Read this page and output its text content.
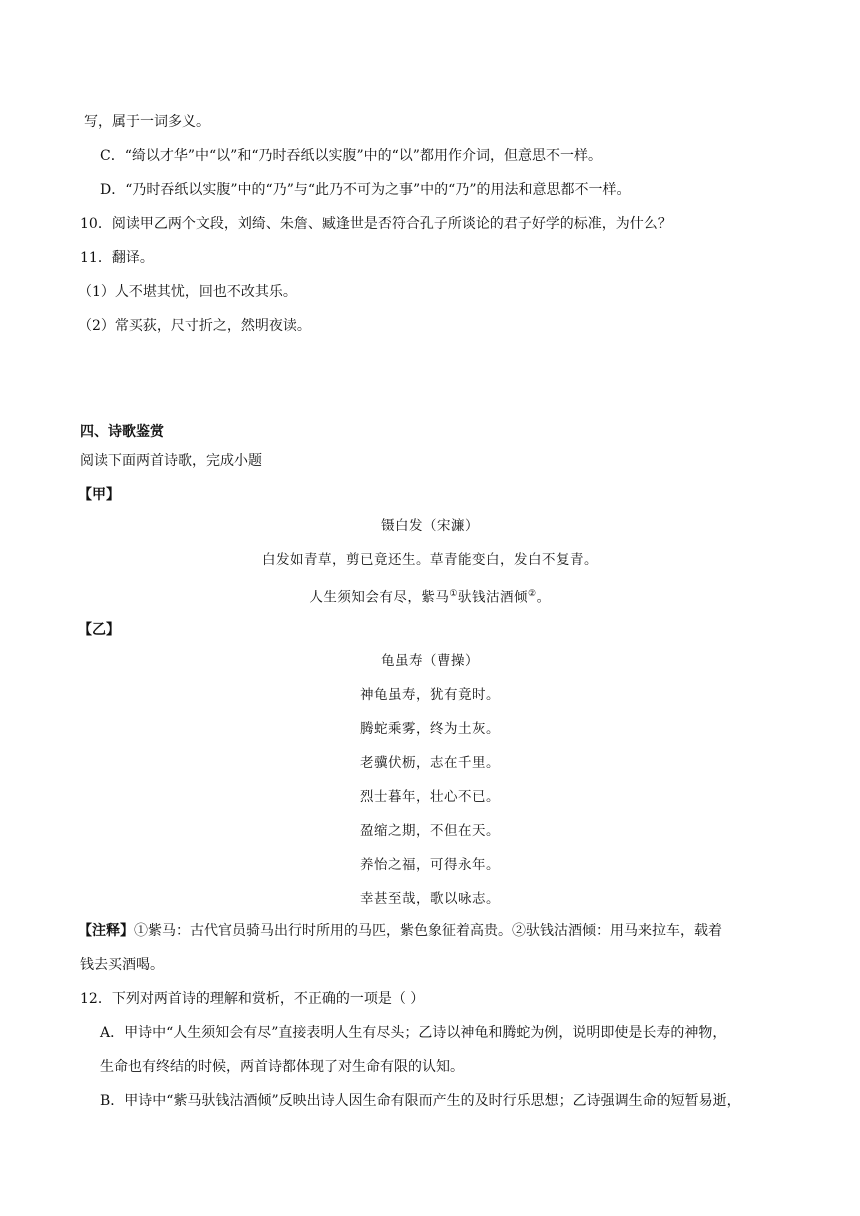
写，属于一词多义。
C．“绮以才华”中“以”和“乃时吞纸以实腹”中的“以”都用作介词，但意思不一样。
D．“乃时吞纸以实腹”中的“乃”与“此乃不可为之事”中的“乃”的用法和意思都不一样。
10．阅读甲乙两个文段，刘绮、朱詹、臧逢世是否符合孔子所谈论的君子好学的标准，为什么？
11．翻译。
（1）人不堪其忧，回也不改其乐。
（2）常买荻，尺寸折之，然明夜读。
四、诗歌鉴赏
阅读下面两首诗歌，完成小题
【甲】
镊白发（宋濂）
白发如青草，剪已竟还生。草青能变白，发白不复青。
人生须知会有尽，紫马①驮钱沽酒倾②。
【乙】
龟虽寿（曹操）
神龟虽寿，犹有竟时。
腾蛇乘雾，终为土灰。
老骥伏枥，志在千里。
烈士暮年，壮心不已。
盈缩之期，不但在天。
养怡之福，可得永年。
幸甚至哉，歌以咏志。
【注释】①紫马：古代官员骑马出行时所用的马匹，紫色象征着高贵。②驮钱沽酒倾：用马来拉车，载着
钱去买酒喝。
12．下列对两首诗的理解和赏析，不正确的一项是（ ）
A．甲诗中“人生须知会有尽”直接表明人生有尽头；乙诗以神龟和腾蛇为例，说明即使是长寿的神物，
生命也有终结的时候，两首诗都体现了对生命有限的认知。
B．甲诗中“紫马驮钱沽酒倾”反映出诗人因生命有限而产生的及时行乐思想；乙诗强调生命的短暂易逝，
